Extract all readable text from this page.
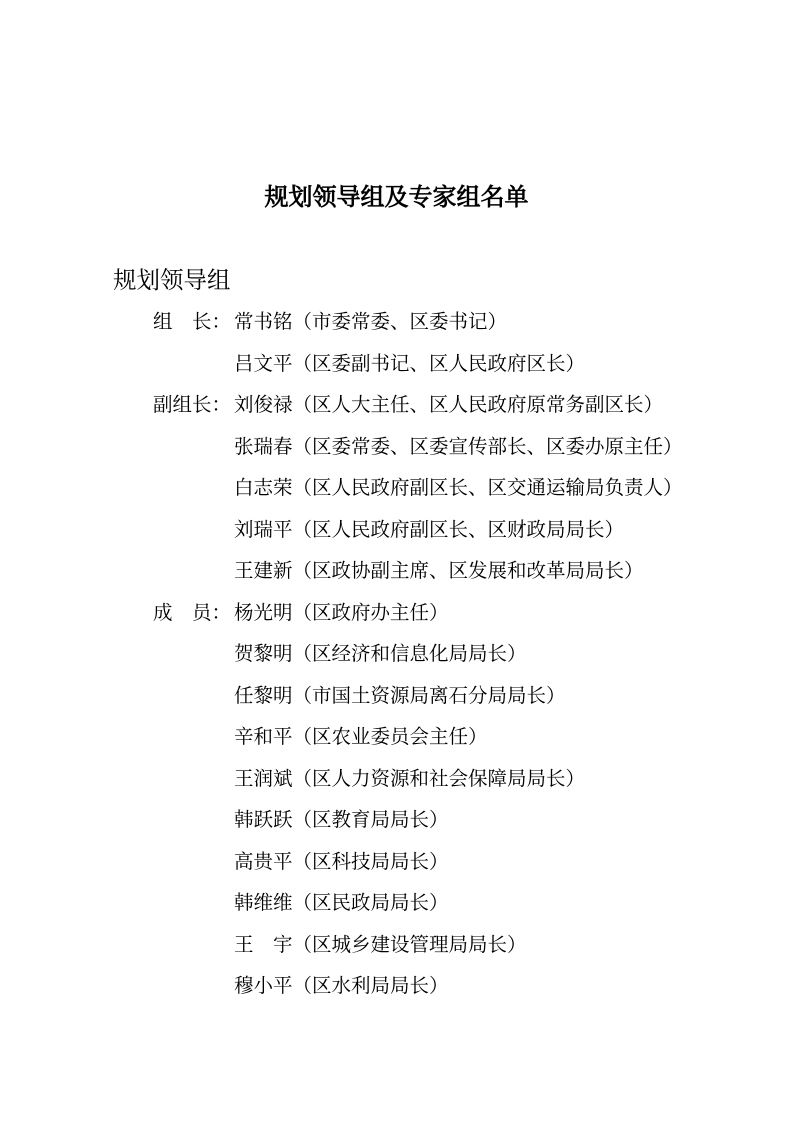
规划领导组及专家组名单
规划领导组
组　长： 常书铭 （市委常委、区委书记）
吕文平 （区委副书记、区人民政府区长）
副组长： 刘俊禄 （区人大主任、区人民政府原常务副区长）
张瑞春 （区委常委、区委宣传部长、区委办原主任）
白志荣 （区人民政府副区长、区交通运输局负责人）
刘瑞平 （区人民政府副区长、区财政局局长）
王建新 （区政协副主席、区发展和改革局局长）
成　员： 杨光明 （区政府办主任）
贺黎明 （区经济和信息化局局长）
任黎明 （市国土资源局离石分局局长）
辛和平 （区农业委员会主任）
王润斌 （区人力资源和社会保障局局长）
韩跃跃 （区教育局局长）
高贵平 （区科技局局长）
韩维维 （区民政局局长）
王　宇 （区城乡建设管理局局长）
穆小平 （区水利局局长）
